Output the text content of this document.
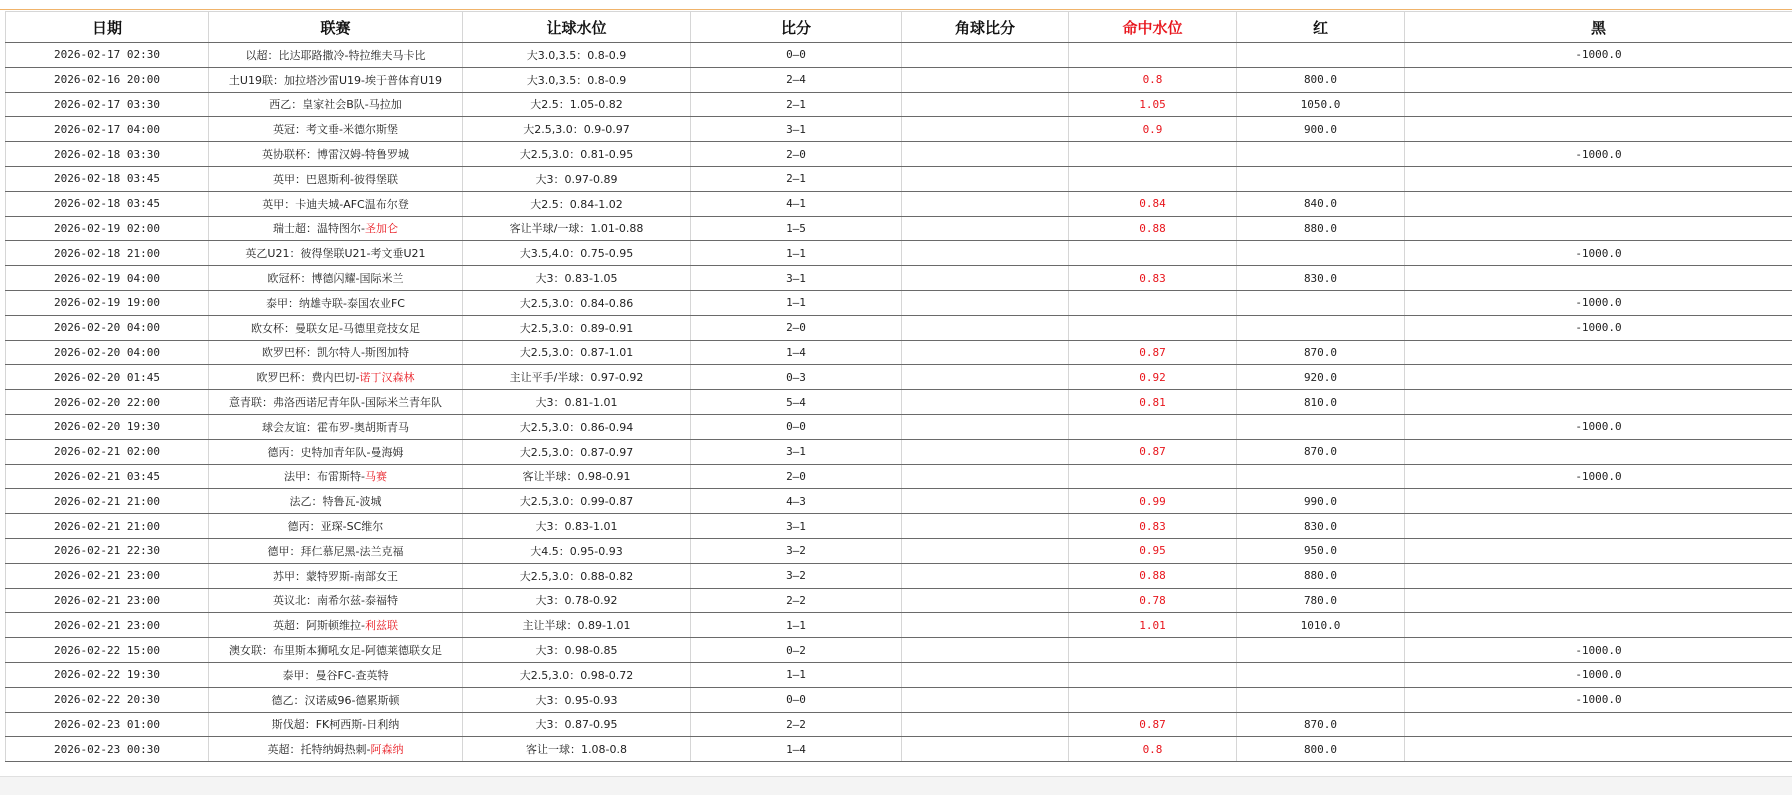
日期	联赛	让球水位	比分	角球比分	命中水位	红	黑
2026-02-17 02:30	以超：比达耶路撒冷-特拉维夫马卡比	大3.0,3.5：0.8-0.9	0—0				-1000.0
2026-02-16 20:00	土U19联：加拉塔沙雷U19-埃于普体育U19	大3.0,3.5：0.8-0.9	2—4		0.8	800.0	
2026-02-17 03:30	西乙：皇家社会B队-马拉加	大2.5：1.05-0.82	2—1		1.05	1050.0	
2026-02-17 04:00	英冠：考文垂-米德尔斯堡	大2.5,3.0：0.9-0.97	3—1		0.9	900.0	
2026-02-18 03:30	英协联杯：博雷汉姆-特鲁罗城	大2.5,3.0：0.81-0.95	2—0				-1000.0
2026-02-18 03:45	英甲：巴恩斯利-彼得堡联	大3：0.97-0.89	2—1				
2026-02-18 03:45	英甲：卡迪夫城-AFC温布尔登	大2.5：0.84-1.02	4—1		0.84	840.0	
2026-02-19 02:00	瑞士超：温特图尔-圣加仑	客让半球/一球：1.01-0.88	1—5		0.88	880.0	
2026-02-18 21:00	英乙U21：彼得堡联U21-考文垂U21	大3.5,4.0：0.75-0.95	1—1				-1000.0
2026-02-19 04:00	欧冠杯：博德闪耀-国际米兰	大3：0.83-1.05	3—1		0.83	830.0	
2026-02-19 19:00	泰甲：纳雄寺联-泰国农业FC	大2.5,3.0：0.84-0.86	1—1				-1000.0
2026-02-20 04:00	欧女杯：曼联女足-马德里竞技女足	大2.5,3.0：0.89-0.91	2—0				-1000.0
2026-02-20 04:00	欧罗巴杯：凯尔特人-斯图加特	大2.5,3.0：0.87-1.01	1—4		0.87	870.0	
2026-02-20 01:45	欧罗巴杯：费内巴切-诺丁汉森林	主让平手/半球：0.97-0.92	0—3		0.92	920.0	
2026-02-20 22:00	意青联：弗洛西诺尼青年队-国际米兰青年队	大3：0.81-1.01	5—4		0.81	810.0	
2026-02-20 19:30	球会友谊：霍布罗-奥胡斯青马	大2.5,3.0：0.86-0.94	0—0				-1000.0
2026-02-21 02:00	德丙：史特加青年队-曼海姆	大2.5,3.0：0.87-0.97	3—1		0.87	870.0	
2026-02-21 03:45	法甲：布雷斯特-马赛	客让半球：0.98-0.91	2—0				-1000.0
2026-02-21 21:00	法乙：特鲁瓦-波城	大2.5,3.0：0.99-0.87	4—3		0.99	990.0	
2026-02-21 21:00	德丙：亚琛-SC维尔	大3：0.83-1.01	3—1		0.83	830.0	
2026-02-21 22:30	德甲：拜仁慕尼黑-法兰克福	大4.5：0.95-0.93	3—2		0.95	950.0	
2026-02-21 23:00	苏甲：蒙特罗斯-南部女王	大2.5,3.0：0.88-0.82	3—2		0.88	880.0	
2026-02-21 23:00	英议北：南希尔兹-泰福特	大3：0.78-0.92	2—2		0.78	780.0	
2026-02-21 23:00	英超：阿斯顿维拉-利兹联	主让半球：0.89-1.01	1—1		1.01	1010.0	
2026-02-22 15:00	澳女联：布里斯本狮吼女足-阿德莱德联女足	大3：0.98-0.85	0—2				-1000.0
2026-02-22 19:30	泰甲：曼谷FC-查英特	大2.5,3.0：0.98-0.72	1—1				-1000.0
2026-02-22 20:30	德乙：汉诺威96-德累斯顿	大3：0.95-0.93	0—0				-1000.0
2026-02-23 01:00	斯伐超：FK柯西斯-日利纳	大3：0.87-0.95	2—2		0.87	870.0	
2026-02-23 00:30	英超：托特纳姆热刺-阿森纳	客让一球：1.08-0.8	1—4		0.8	800.0	
